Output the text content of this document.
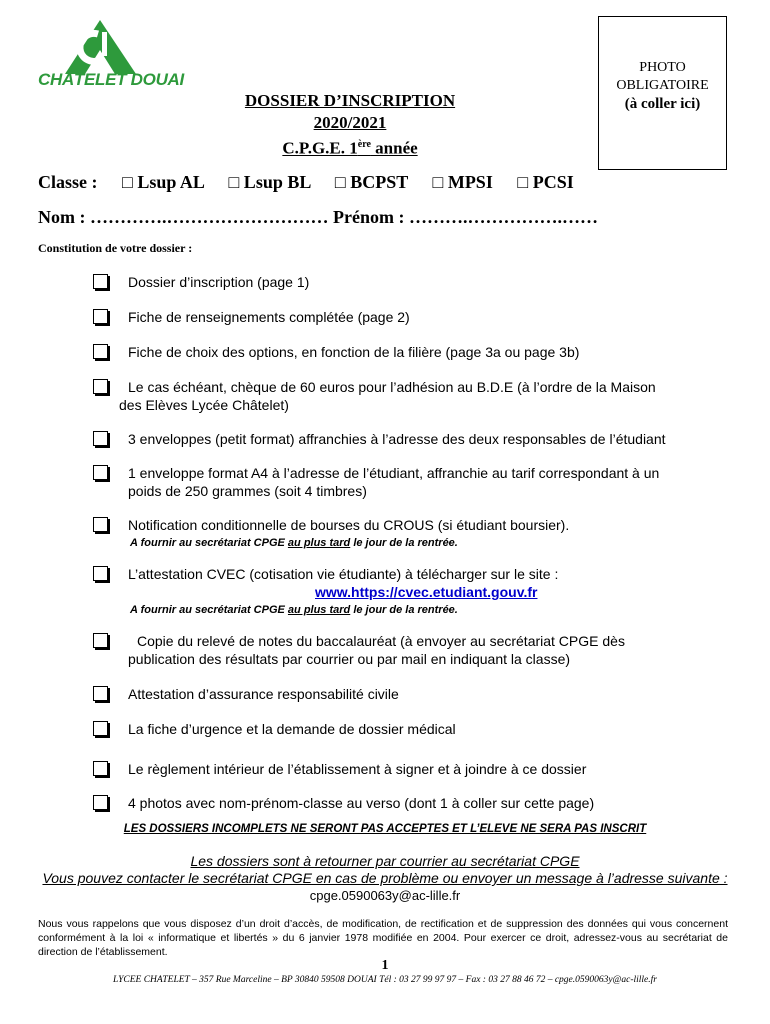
CHÂTELET DOUAI
PHOTO
OBLIGATOIRE
(à coller ici)
DOSSIER D’INSCRIPTION
2020/2021
C.P.G.E. 1ère année
Classe : □ Lsup AL □ Lsup BL □ BCPST □ MPSI □ PCSI
Nom : ………….……………………… Prénom : ……….…………….……
Constitution de votre dossier :
Dossier d’inscription (page 1)
Fiche de renseignements complétée (page 2)
Fiche de choix des options, en fonction de la filière (page 3a ou page 3b)
Le cas échéant, chèque de 60 euros pour l’adhésion au B.D.E (à l’ordre de la Maison
des Elèves Lycée Châtelet)
3 enveloppes (petit format) affranchies à l’adresse des deux responsables de l’étudiant
1 enveloppe format A4 à l’adresse de l’étudiant, affranchie au tarif correspondant à un
poids de 250 grammes (soit 4 timbres)
Notification conditionnelle de bourses du CROUS (si étudiant boursier).
A fournir au secrétariat CPGE au plus tard le jour de la rentrée.
L’attestation CVEC (cotisation vie étudiante) à télécharger sur le site :
www.https://cvec.etudiant.gouv.fr
A fournir au secrétariat CPGE au plus tard le jour de la rentrée.
Copie du relevé de notes du baccalauréat (à envoyer au secrétariat CPGE dès
publication des résultats par courrier ou par mail en indiquant la classe)
Attestation d’assurance responsabilité civile
La fiche d’urgence et la demande de dossier médical
Le règlement intérieur de l’établissement à signer et à joindre à ce dossier
4 photos avec nom-prénom-classe au verso (dont 1 à coller sur cette page)
LES DOSSIERS INCOMPLETS NE SERONT PAS ACCEPTES ET L’ELEVE NE SERA PAS INSCRIT
Les dossiers sont à retourner par courrier au secrétariat CPGE
Vous pouvez contacter le secrétariat CPGE en cas de problème ou envoyer un message à l’adresse suivante :
cpge.0590063y@ac-lille.fr
Nous vous rappelons que vous disposez d’un droit d’accès, de modification, de rectification et de suppression des données qui vous concernent conformément à la loi « informatique et libertés » du 6 janvier 1978 modifiée en 2004. Pour exercer ce droit, adressez-vous au secrétariat de direction de l’établissement.
1
LYCEE CHATELET – 357 Rue Marceline – BP 30840 59508 DOUAI Tél : 03 27 99 97 97 – Fax : 03 27 88 46 72 – cpge.0590063y@ac-lille.fr
